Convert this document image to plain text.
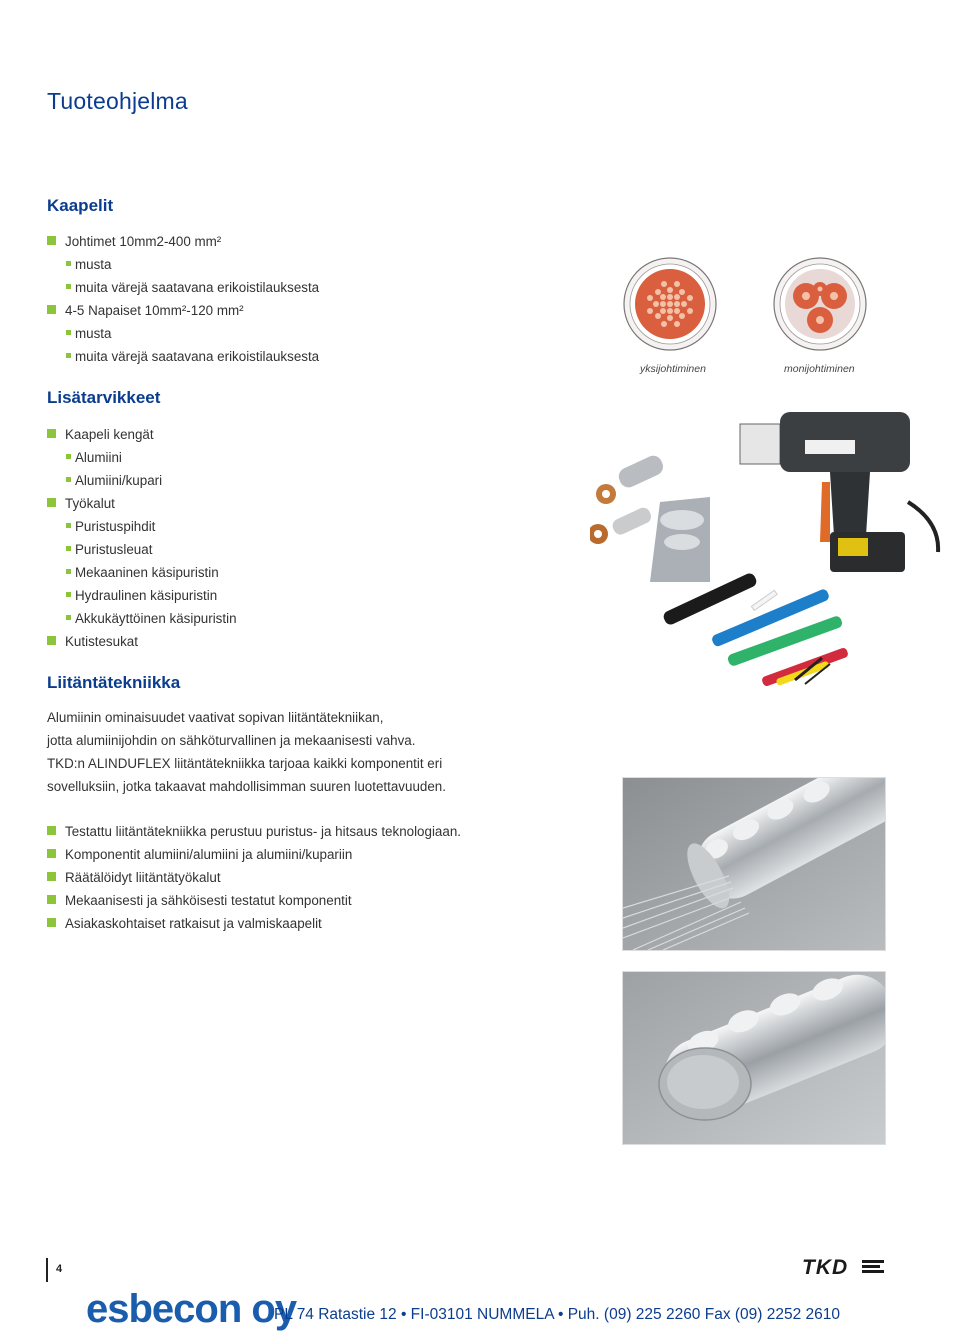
Tuoteohjelma
Kaapelit
Johtimet 10mm2-400 mm²
musta
muita värejä saatavana erikoistilauksesta
4-5 Napaiset 10mm²-120 mm²
musta
muita värejä saatavana erikoistilauksesta
yksijohtiminen	monijohtiminen
Lisätarvikkeet
Kaapeli kengät
Alumiini
Alumiini/kupari
Työkalut
Puristuspihdit
Puristusleuat
Mekaaninen käsipuristin
Hydraulinen käsipuristin
Akkukäyttöinen käsipuristin
Kutistesukat
Liitäntätekniikka
Alumiinin ominaisuudet vaativat sopivan liitäntätekniikan,
jotta alumiinijohdin on sähköturvallinen ja mekaanisesti vahva.
TKD:n ALINDUFLEX liitäntätekniikka tarjoaa kaikki komponentit eri
sovelluksiin, jotka takaavat mahdollisimman suuren luotettavuuden.
Testattu liitäntätekniikka perustuu puristus- ja hitsaus teknologiaan.
Komponentit alumiini/alumiini ja alumiini/kupariin
Räätälöidyt liitäntätyökalut
Mekaanisesti ja sähköisesti testatut komponentit
Asiakaskohtaiset ratkaisut ja valmiskaapelit
4
esbecon oy
PL 74 Ratastie 12 • FI-03101 NUMMELA • Puh. (09) 225 2260 Fax (09) 2252 2610
TKD
